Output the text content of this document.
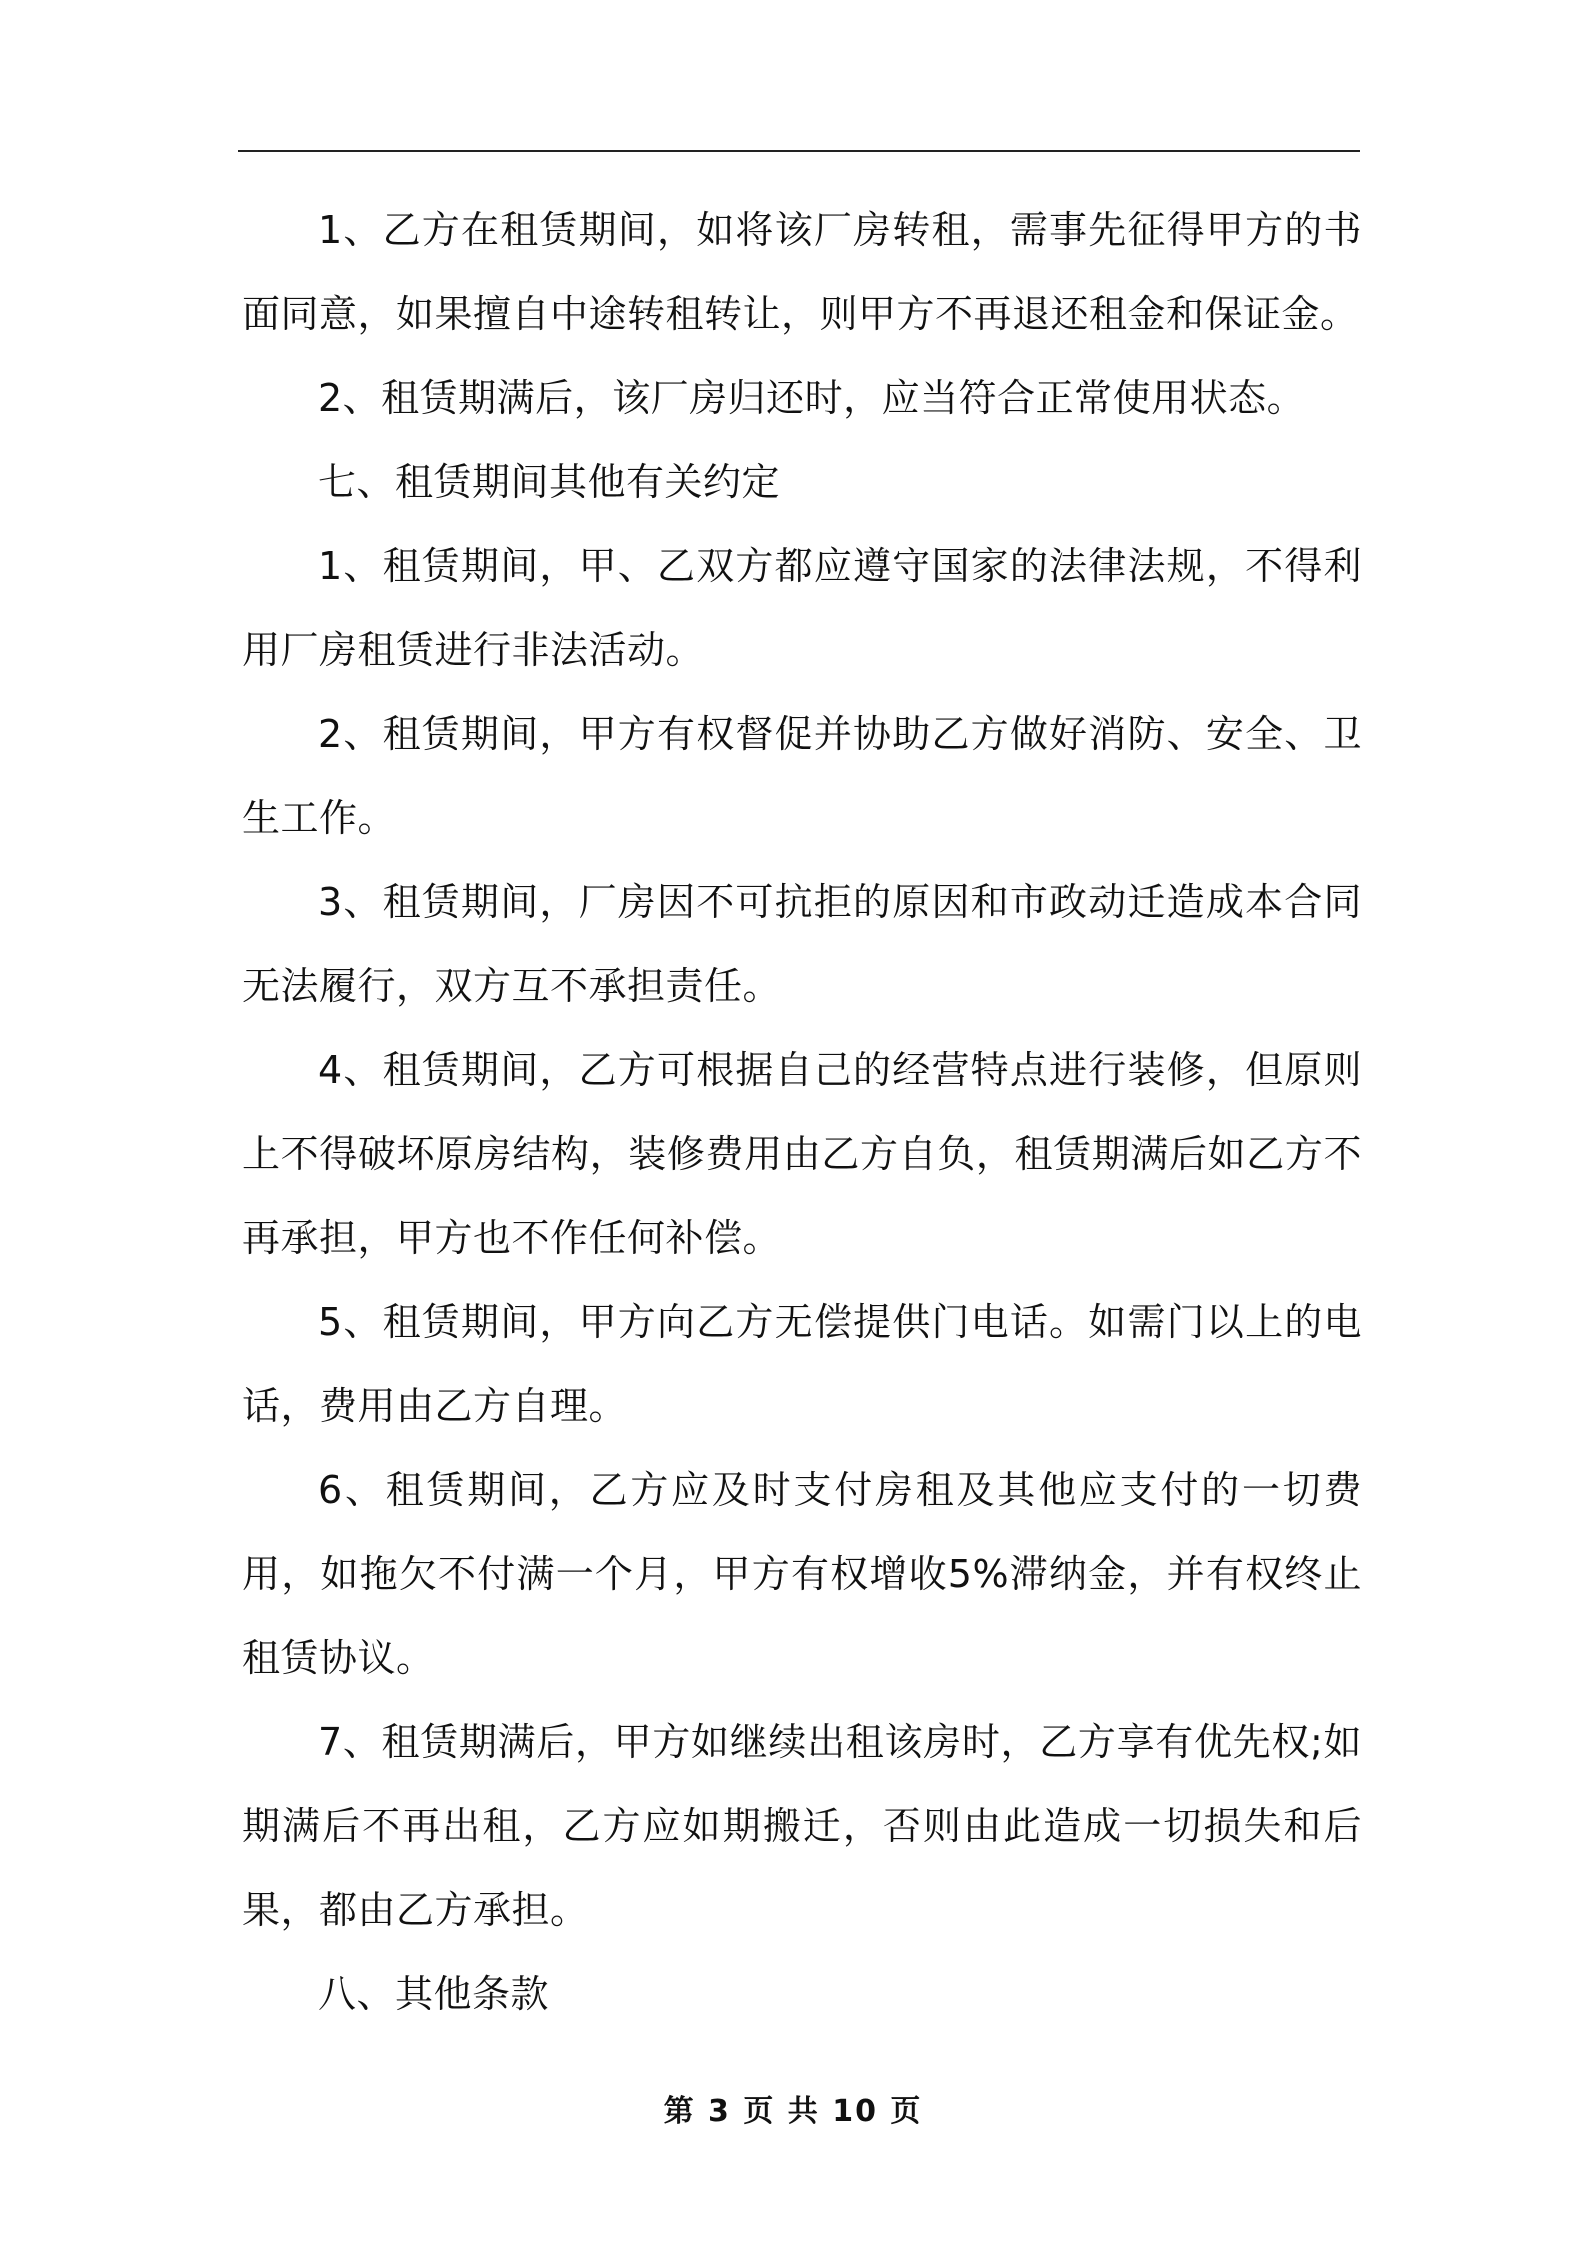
1、乙方在租赁期间，如将该厂房转租，需事先征得甲方的书面同意，如果擅自中途转租转让，则甲方不再退还租金和保证金。

2、租赁期满后，该厂房归还时，应当符合正常使用状态。

七、租赁期间其他有关约定

1、租赁期间，甲、乙双方都应遵守国家的法律法规，不得利用厂房租赁进行非法活动。

2、租赁期间，甲方有权督促并协助乙方做好消防、安全、卫生工作。

3、租赁期间，厂房因不可抗拒的原因和市政动迁造成本合同无法履行，双方互不承担责任。

4、租赁期间，乙方可根据自己的经营特点进行装修，但原则上不得破坏原房结构，装修费用由乙方自负，租赁期满后如乙方不再承担，甲方也不作任何补偿。

5、租赁期间，甲方向乙方无偿提供门电话。如需门以上的电话，费用由乙方自理。

6、租赁期间，乙方应及时支付房租及其他应支付的一切费用，如拖欠不付满一个月，甲方有权增收5%滞纳金，并有权终止租赁协议。

7、租赁期满后，甲方如继续出租该房时，乙方享有优先权;如期满后不再出租，乙方应如期搬迁，否则由此造成一切损失和后果，都由乙方承担。

八、其他条款

第 3 页 共 10 页
